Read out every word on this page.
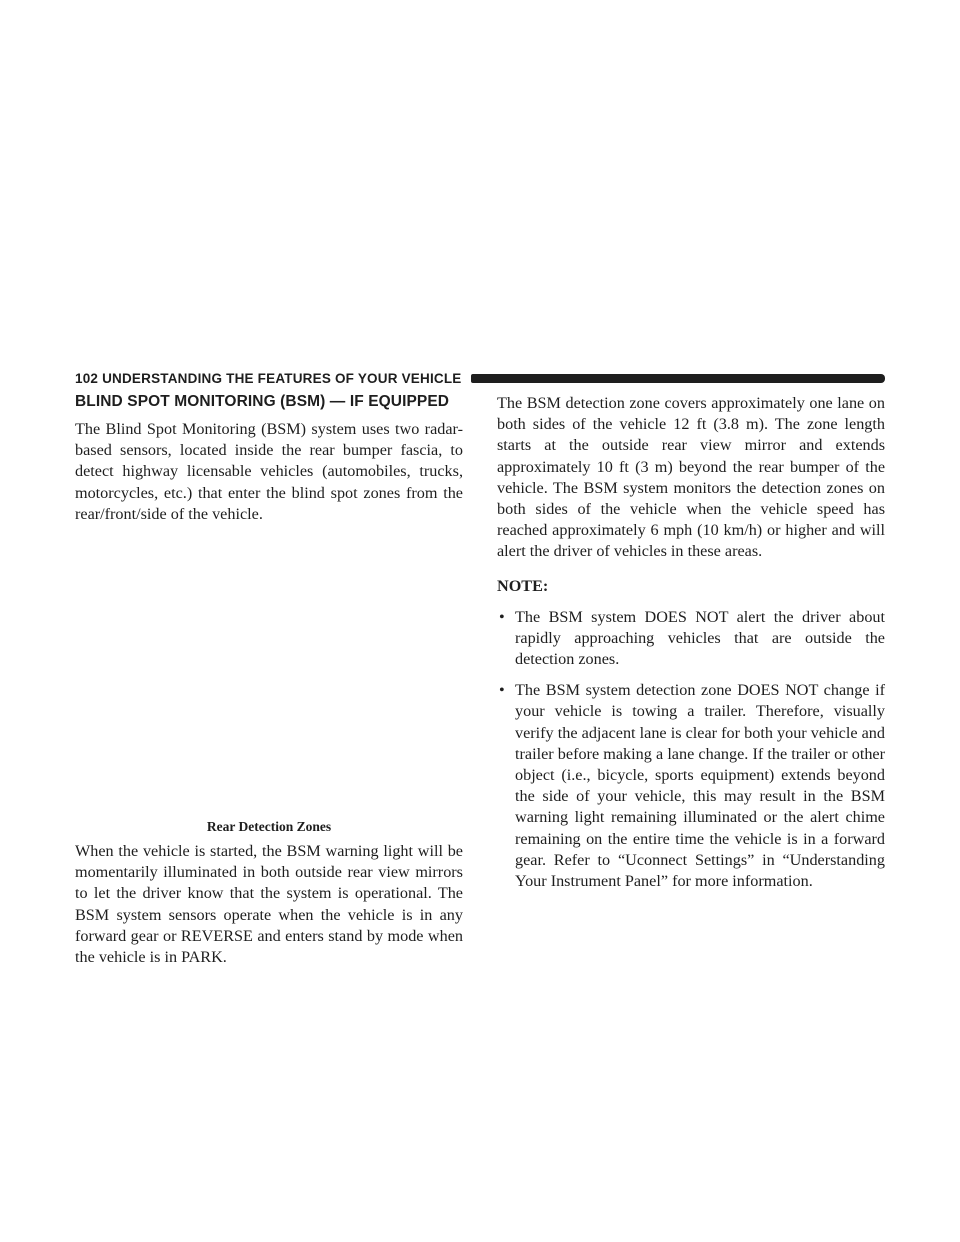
102 UNDERSTANDING THE FEATURES OF YOUR VEHICLE
BLIND SPOT MONITORING (BSM) — IF EQUIPPED

The Blind Spot Monitoring (BSM) system uses two radar-based sensors, located inside the rear bumper fascia, to detect highway licensable vehicles (automobiles, trucks, motorcycles, etc.) that enter the blind spot zones from the rear/front/side of the vehicle.

Rear Detection Zones

When the vehicle is started, the BSM warning light will be momentarily illuminated in both outside rear view mirrors to let the driver know that the system is operational. The BSM system sensors operate when the vehicle is in any forward gear or REVERSE and enters stand by mode when the vehicle is in PARK.

The BSM detection zone covers approximately one lane on both sides of the vehicle 12 ft (3.8 m). The zone length starts at the outside rear view mirror and extends approximately 10 ft (3 m) beyond the rear bumper of the vehicle. The BSM system monitors the detection zones on both sides of the vehicle when the vehicle speed has reached approximately 6 mph (10 km/h) or higher and will alert the driver of vehicles in these areas.

NOTE:
• The BSM system DOES NOT alert the driver about rapidly approaching vehicles that are outside the detection zones.
• The BSM system detection zone DOES NOT change if your vehicle is towing a trailer. Therefore, visually verify the adjacent lane is clear for both your vehicle and trailer before making a lane change. If the trailer or other object (i.e., bicycle, sports equipment) extends beyond the side of your vehicle, this may result in the BSM warning light remaining illuminated or the alert chime remaining on the entire time the vehicle is in a forward gear. Refer to “Uconnect Settings” in “Understanding Your Instrument Panel” for more information.
